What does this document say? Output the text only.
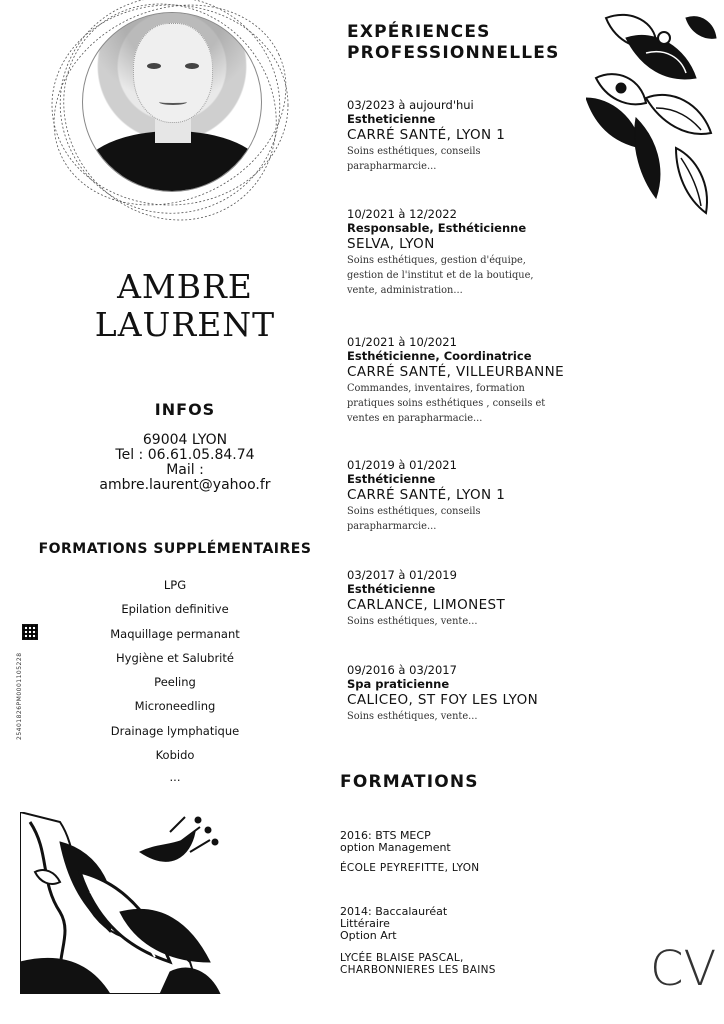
AMBRE
LAURENT
INFOS
69004 LYON
Tel : 06.61.05.84.74
Mail :
ambre.laurent@yahoo.fr
FORMATIONS SUPPLÉMENTAIRES
LPG
Epilation definitive
Maquillage permanant
Hygiène et Salubrité
Peeling
Microneedling
Drainage lymphatique
Kobido
...
25401826PM0001105228
EXPÉRIENCES
PROFESSIONNELLES
03/2023 à aujourd'hui
Estheticienne
CARRÉ SANTÉ, LYON 1
Soins esthétiques, conseils
parapharmarcie...
10/2021 à 12/2022
Responsable, Esthéticienne
SELVA, LYON
Soins esthétiques, gestion d'équipe,
gestion de l'institut et de la boutique,
vente, administration...
01/2021 à 10/2021
Esthéticienne, Coordinatrice
CARRÉ SANTÉ, VILLEURBANNE
Commandes, inventaires, formation
pratiques soins esthétiques , conseils et
ventes en parapharmacie...
01/2019 à 01/2021
Esthéticienne
CARRÉ SANTÉ, LYON 1
Soins esthétiques, conseils
parapharmarcie...
03/2017 à 01/2019
Esthéticienne
CARLANCE, LIMONEST
Soins esthétiques, vente...
09/2016 à 03/2017
Spa praticienne
CALICEO, ST FOY LES LYON
Soins esthétiques, vente...
FORMATIONS
2016: BTS MECP
option Management
ÉCOLE PEYREFITTE, LYON
2014: Baccalauréat
Littéraire
Option Art
LYCÉE BLAISE PASCAL,
CHARBONNIERES LES BAINS	CV
